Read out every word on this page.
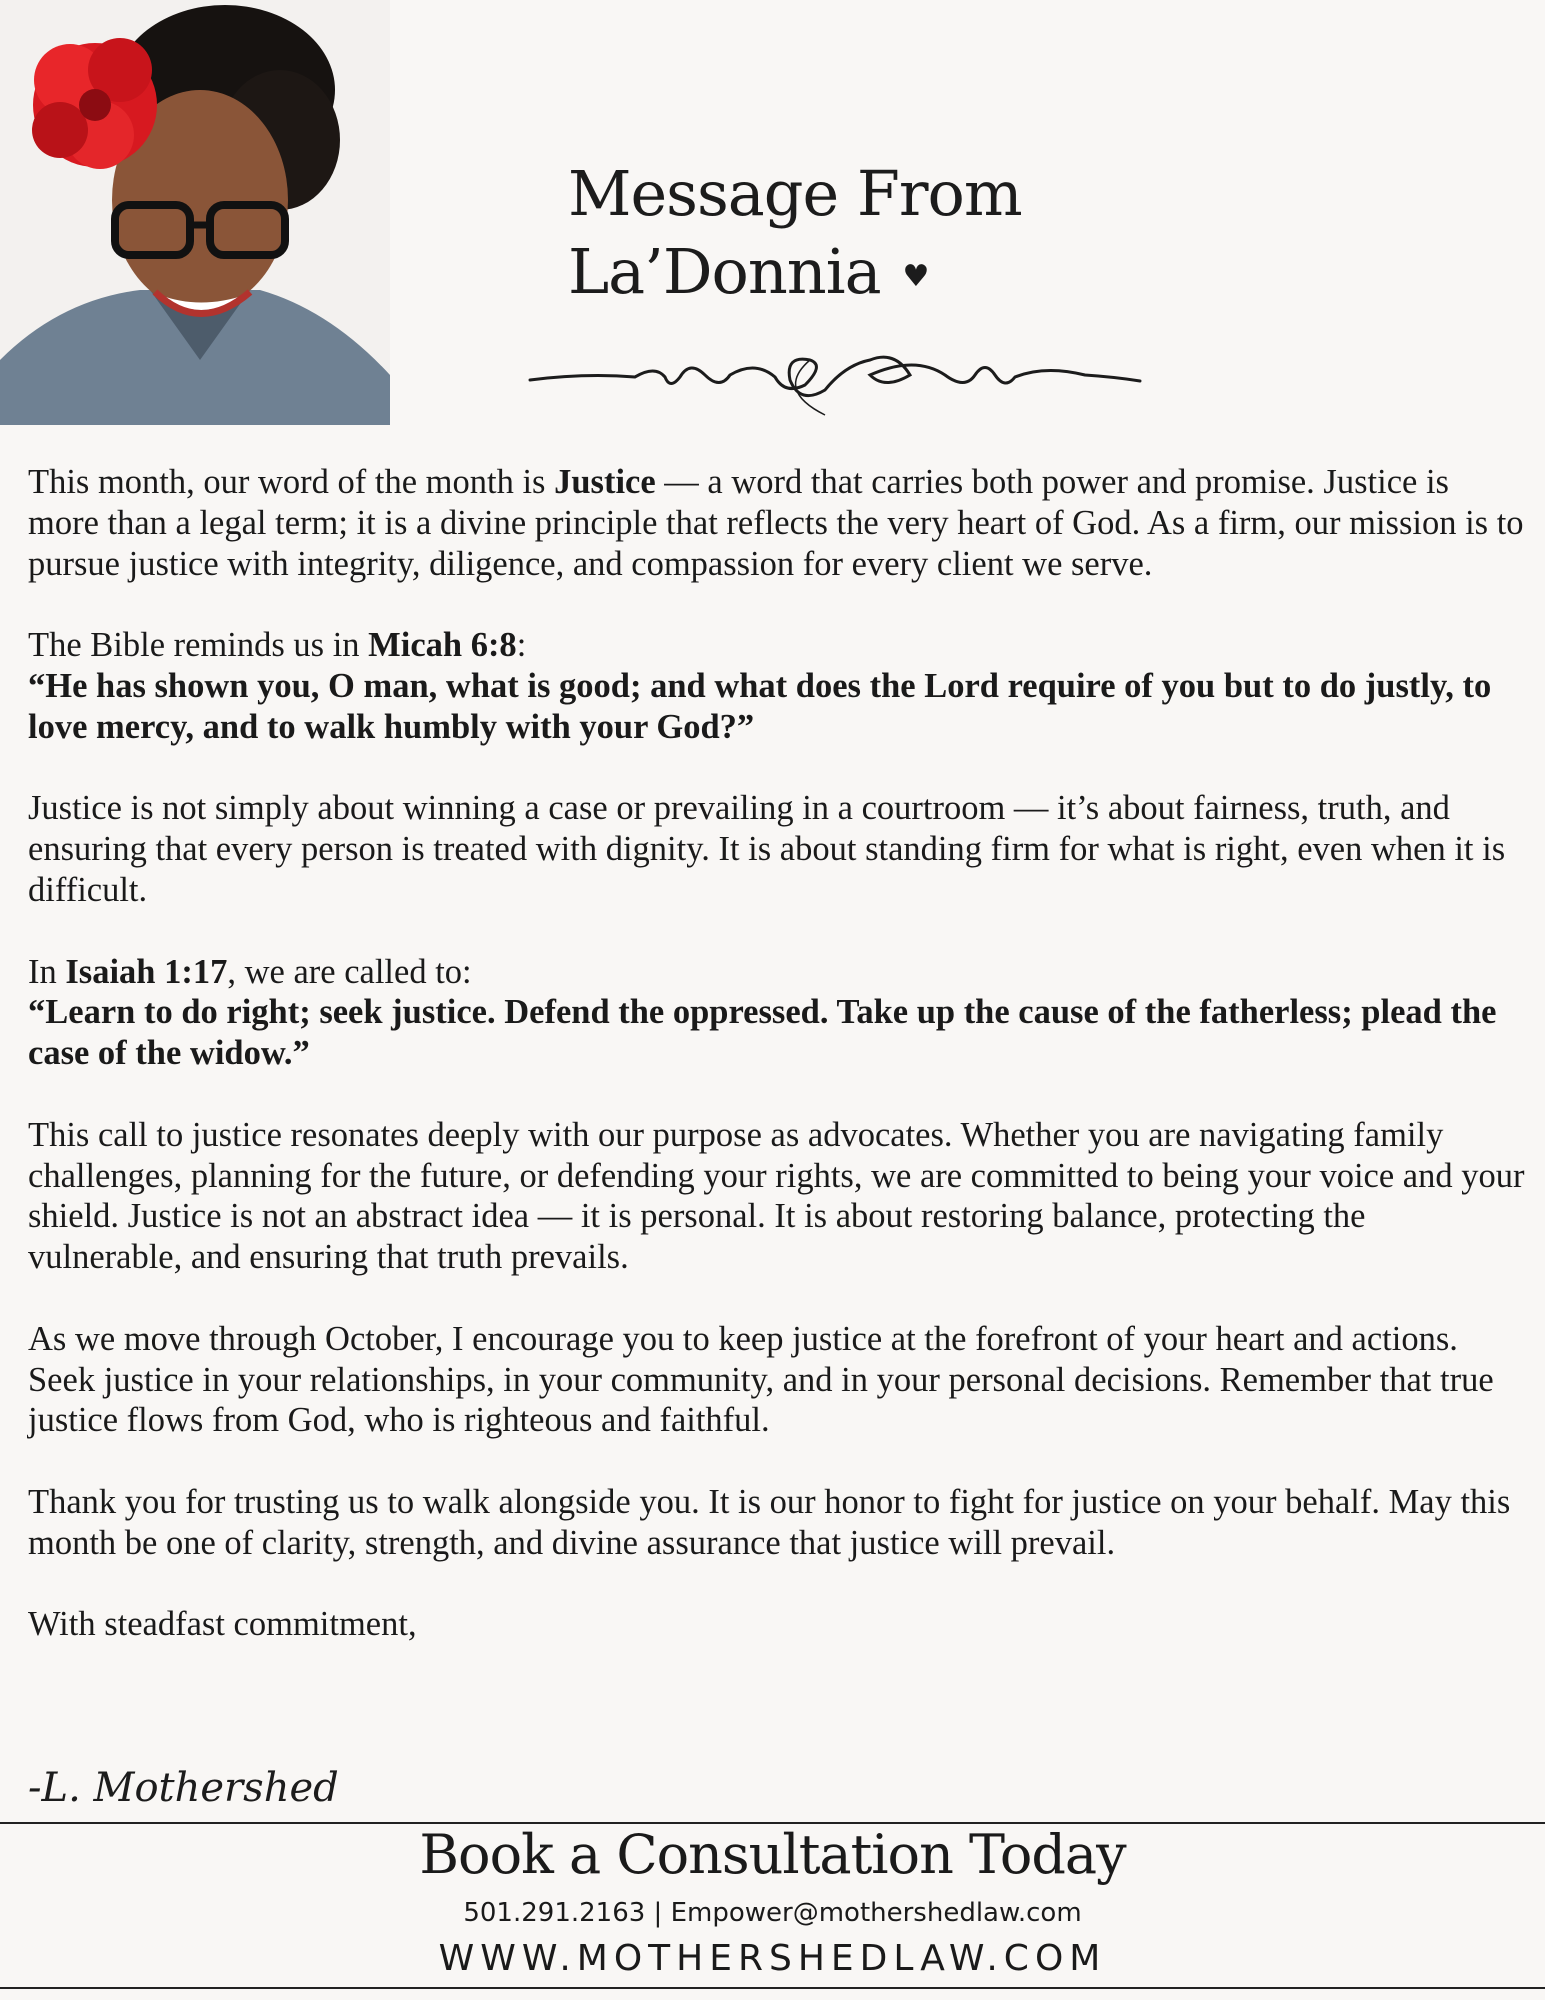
Message From
La’Donnia ♥

This month, our word of the month is Justice — a word that carries both power and promise. Justice is more than a legal term; it is a divine principle that reflects the very heart of God. As a firm, our mission is to pursue justice with integrity, diligence, and compassion for every client we serve.

The Bible reminds us in Micah 6:8:

“He has shown you, O man, what is good; and what does the Lord require of you but to do justly, to love mercy, and to walk humbly with your God?”

Justice is not simply about winning a case or prevailing in a courtroom — it’s about fairness, truth, and ensuring that every person is treated with dignity. It is about standing firm for what is right, even when it is difficult.

In Isaiah 1:17, we are called to:

“Learn to do right; seek justice. Defend the oppressed. Take up the cause of the fatherless; plead the case of the widow.”

This call to justice resonates deeply with our purpose as advocates. Whether you are navigating family challenges, planning for the future, or defending your rights, we are committed to being your voice and your shield. Justice is not an abstract idea — it is personal. It is about restoring balance, protecting the vulnerable, and ensuring that truth prevails.

As we move through October, I encourage you to keep justice at the forefront of your heart and actions. Seek justice in your relationships, in your community, and in your personal decisions. Remember that true justice flows from God, who is righteous and faithful.

Thank you for trusting us to walk alongside you. It is our honor to fight for justice on your behalf. May this month be one of clarity, strength, and divine assurance that justice will prevail.

With steadfast commitment,

-L. Mothershed
Book a Consultation Today
501.291.2163 | Empower@mothershedlaw.com
WWW.MOTHERSHEDLAW.COM
